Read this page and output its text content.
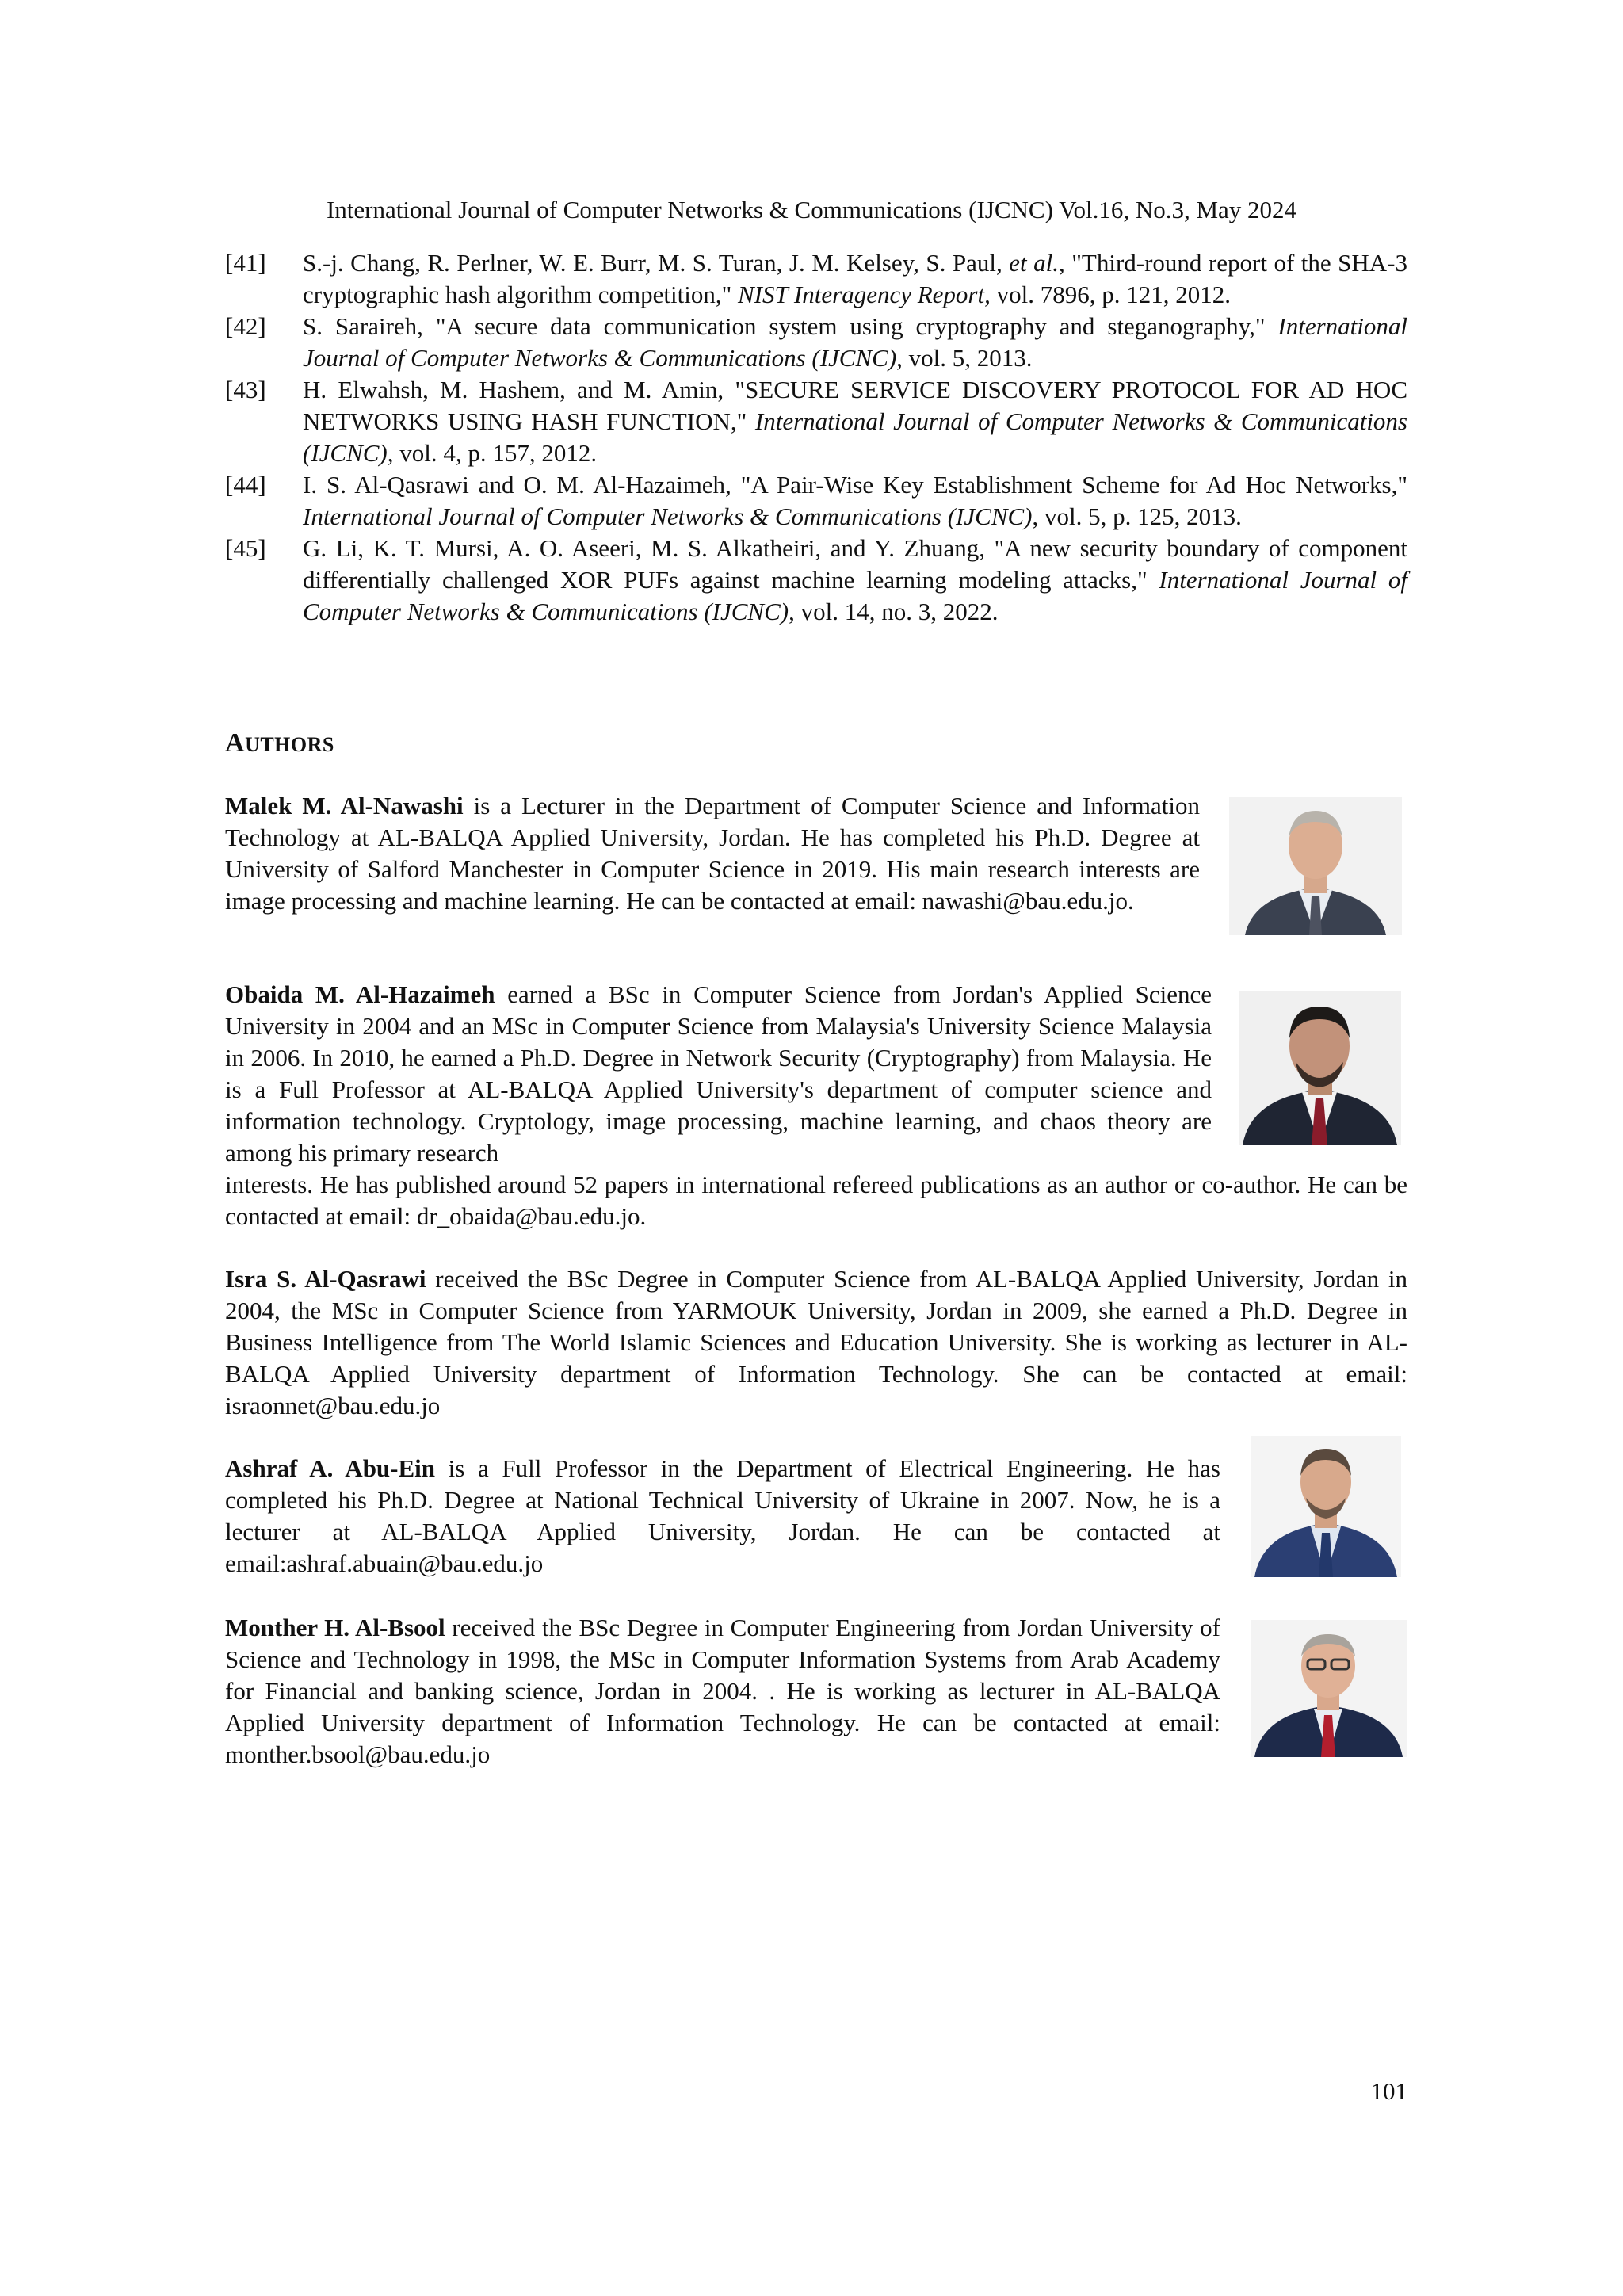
International Journal of Computer Networks & Communications (IJCNC) Vol.16, No.3, May 2024
[41]	S.-j. Chang, R. Perlner, W. E. Burr, M. S. Turan, J. M. Kelsey, S. Paul, et al., "Third-round report of the SHA-3 cryptographic hash algorithm competition," NIST Interagency Report, vol. 7896, p. 121, 2012.
[42]	S. Saraireh, "A secure data communication system using cryptography and steganography," International Journal of Computer Networks & Communications (IJCNC), vol. 5, 2013.
[43]	H. Elwahsh, M. Hashem, and M. Amin, "SECURE SERVICE DISCOVERY PROTOCOL FOR AD HOC NETWORKS USING HASH FUNCTION," International Journal of Computer Networks & Communications (IJCNC), vol. 4, p. 157, 2012.
[44]	I. S. Al-Qasrawi and O. M. Al-Hazaimeh, "A Pair-Wise Key Establishment Scheme for Ad Hoc Networks," International Journal of Computer Networks & Communications (IJCNC), vol. 5, p. 125, 2013.
[45]	G. Li, K. T. Mursi, A. O. Aseeri, M. S. Alkatheiri, and Y. Zhuang, "A new security boundary of component differentially challenged XOR PUFs against machine learning modeling attacks," International Journal of Computer Networks & Communications (IJCNC), vol. 14, no. 3, 2022.
AUTHORS
Malek M. Al-Nawashi is a Lecturer in the Department of Computer Science and Information Technology at AL-BALQA Applied University, Jordan. He has completed his Ph.D. Degree at University of Salford Manchester in Computer Science in 2019. His main research interests are image processing and machine learning. He can be contacted at email: nawashi@bau.edu.jo.
Obaida M. Al-Hazaimeh earned a BSc in Computer Science from Jordan's Applied Science University in 2004 and an MSc in Computer Science from Malaysia's University Science Malaysia in 2006. In 2010, he earned a Ph.D. Degree in Network Security (Cryptography) from Malaysia. He is a Full Professor at AL-BALQA Applied University's department of computer science and information technology. Cryptology, image processing, machine learning, and chaos theory are among his primary research
interests. He has published around 52 papers in international refereed publications as an author or co-author. He can be contacted at email: dr_obaida@bau.edu.jo.
Isra S. Al-Qasrawi received the BSc Degree in Computer Science from AL-BALQA Applied University, Jordan in 2004, the MSc in Computer Science from YARMOUK University, Jordan in 2009, she earned a Ph.D. Degree in Business Intelligence from The World Islamic Sciences and Education University. She is working as lecturer in AL-BALQA Applied University department of Information Technology. She can be contacted at email: israonnet@bau.edu.jo
Ashraf A. Abu-Ein is a Full Professor in the Department of Electrical Engineering. He has completed his Ph.D. Degree at National Technical University of Ukraine in 2007. Now, he is a lecturer at AL-BALQA Applied University, Jordan. He can be contacted at email:ashraf.abuain@bau.edu.jo
Monther H. Al-Bsool received the BSc Degree in Computer Engineering from Jordan University of Science and Technology in 1998, the MSc in Computer Information Systems from Arab Academy for Financial and banking science, Jordan in 2004. . He is working as lecturer in AL-BALQA Applied University department of Information Technology. He can be contacted at email: monther.bsool@bau.edu.jo
101
